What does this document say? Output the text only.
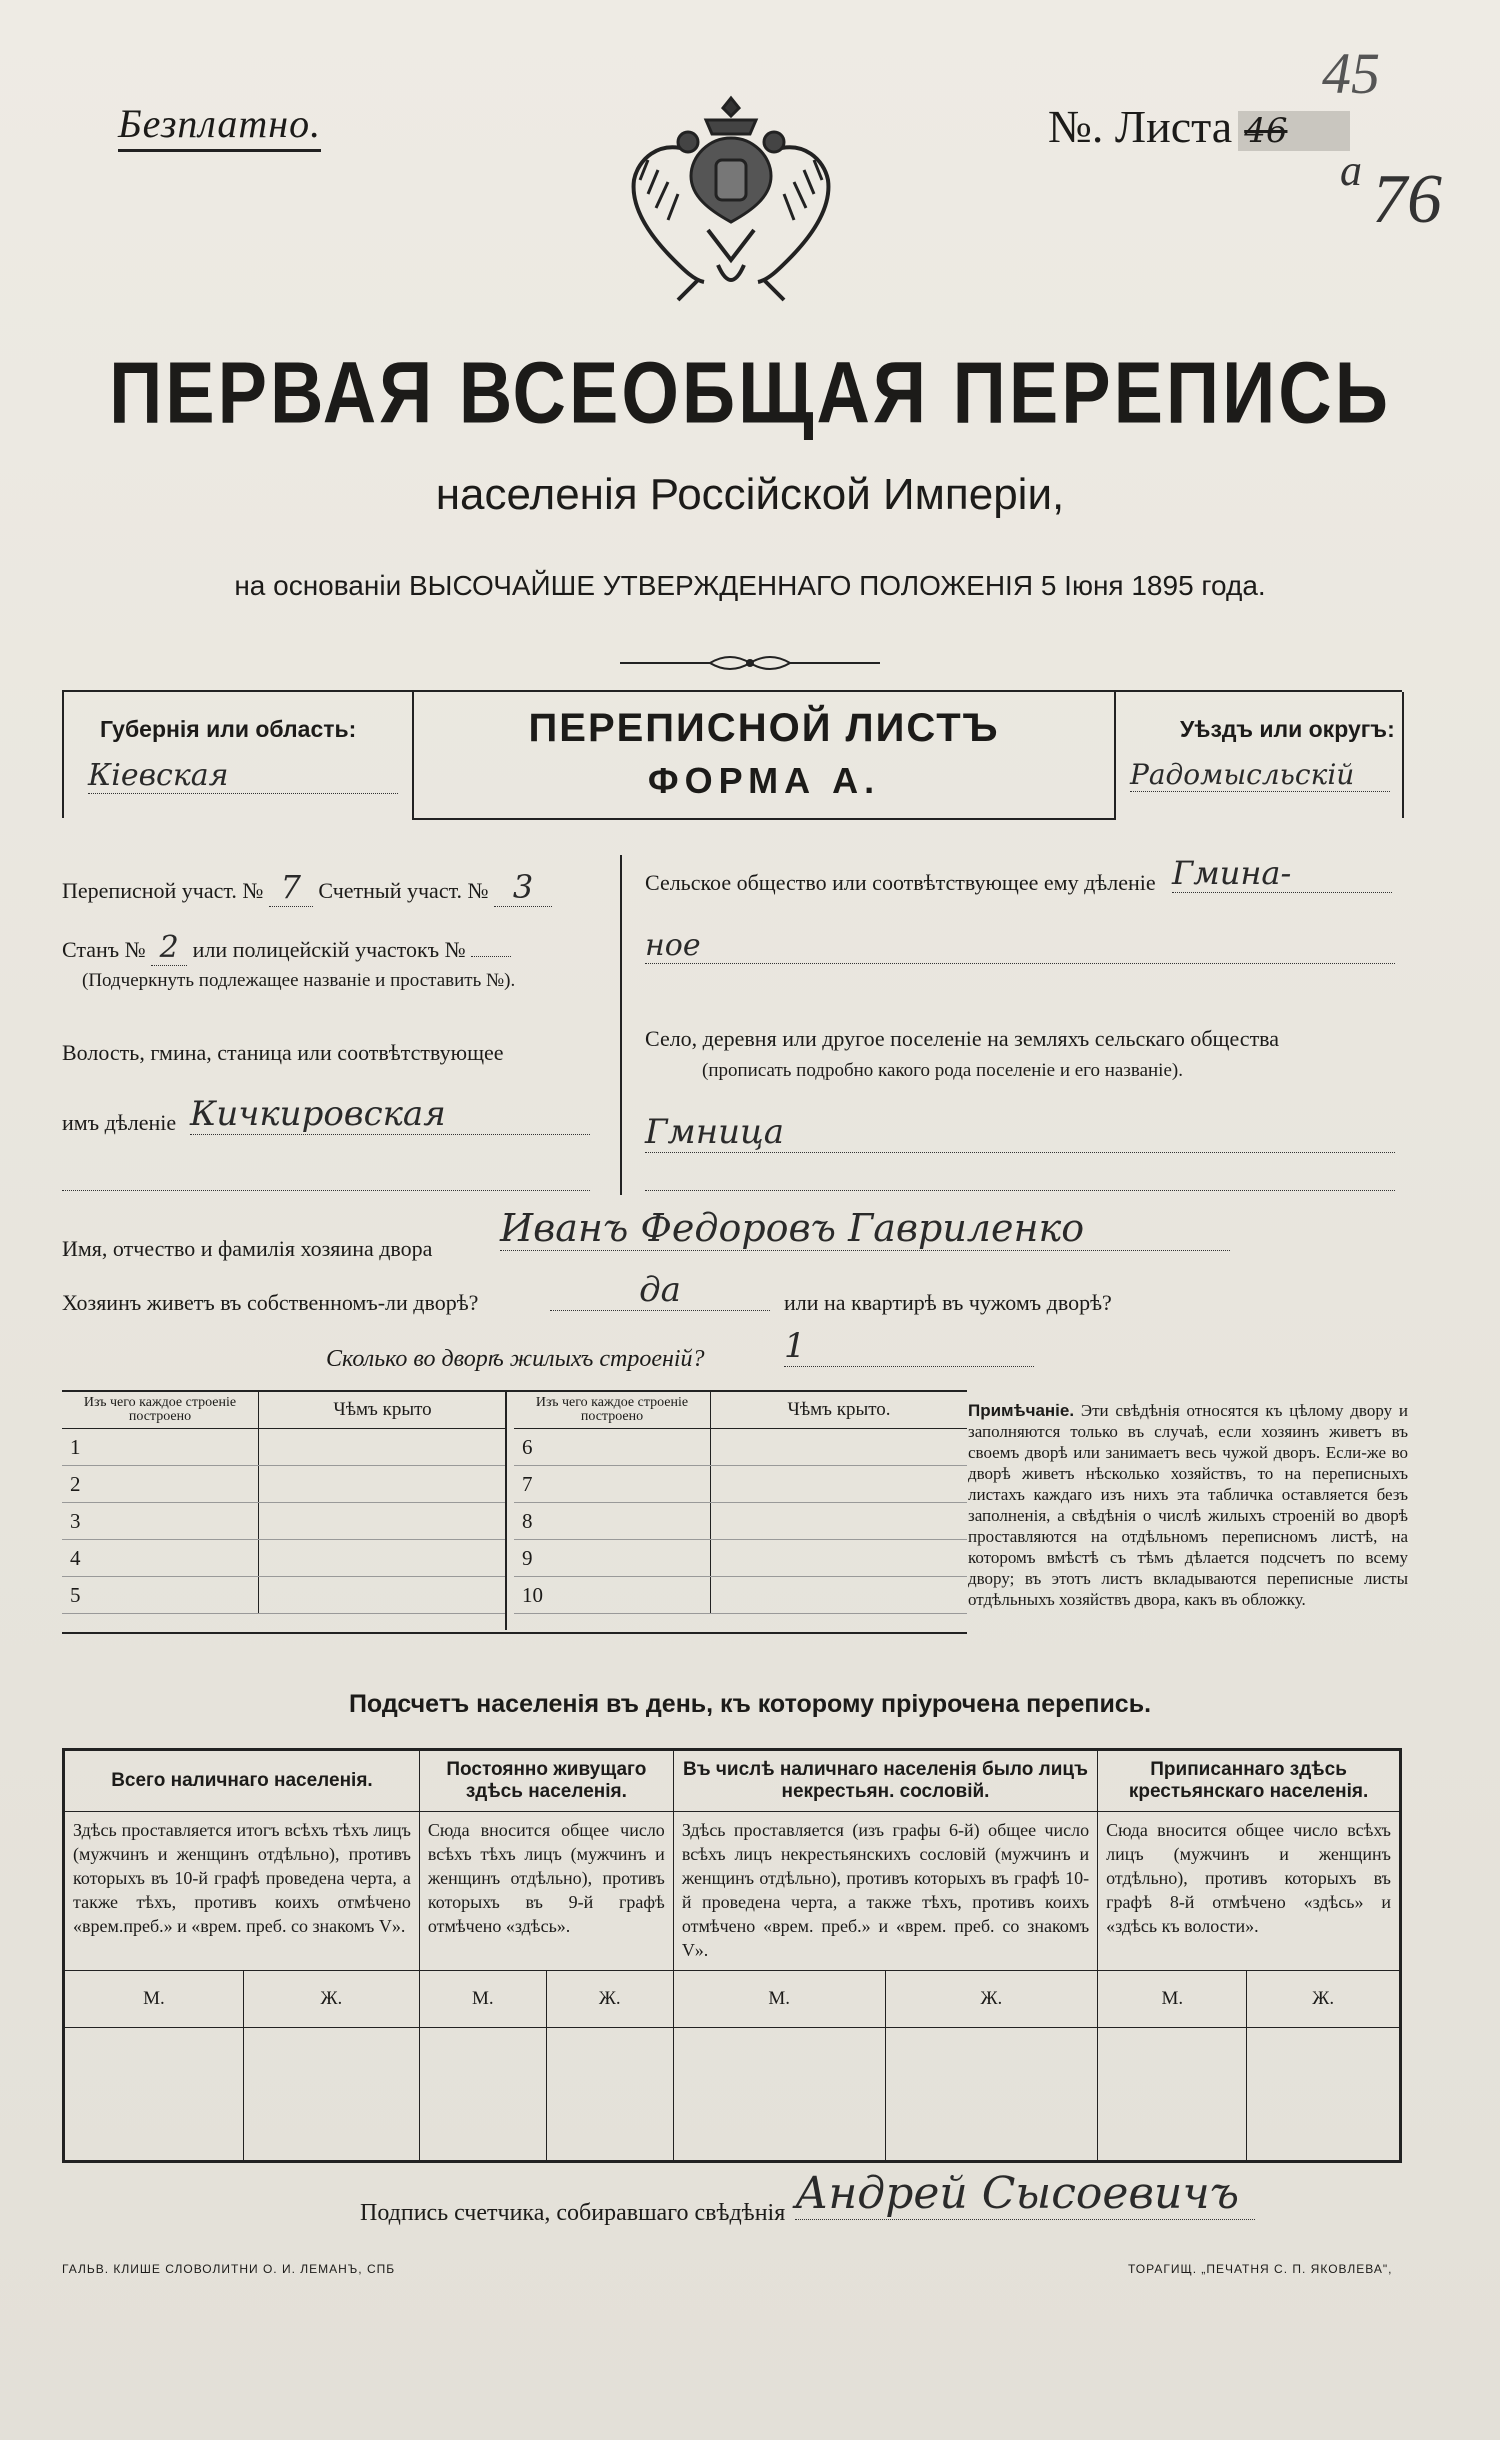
Безплатно.	№. Листа 46
45
а 76
ПЕРВАЯ ВСЕОБЩАЯ ПЕРЕПИСЬ
населенія Россійской Имперіи,
на основаніи ВЫСОЧАЙШЕ УТВЕРЖДЕННАГО ПОЛОЖЕНІЯ 5 Іюня 1895 года.
Губернія или область:
Кіевская
ПЕРЕПИСНОЙ ЛИСТЪ
ФОРМА А.
Уѣздъ или округъ:
Радомысльскій
Переписной участ. № 7 Счетный участ. № 3
Станъ № 2 или полицейскій участокъ №
(Подчеркнуть подлежащее названіе и проставить №).
Волость, гмина, станица или соотвѣтствующее
имъ дѣленіе Кичкировская
Сельское общество или соотвѣтствующее ему дѣленіе Гмина-
ное
Село, деревня или другое поселеніе на земляхъ сельскаго общества
(прописать подробно какого рода поселеніе и его названіе).
Гмница
Имя, отчество и фамилія хозяина двора Иванъ Федоровъ Гавриленко
Хозяинъ живетъ въ собственномъ-ли дворѣ?	да	или на квартирѣ въ чужомъ дворѣ?
Сколько во дворѣ жилыхъ строеній? 1
Изъ чего каждое строеніе построено	Чѣмъ крыто
1	
2	
3	
4	
5	
Изъ чего каждое строеніе построено	Чѣмъ крыто.
6	
7	
8	
9	
10	
Примѣчаніе. Эти свѣдѣнія относятся къ цѣлому двору и заполняются только въ случаѣ, если хозяинъ живетъ въ своемъ дворѣ или занимаетъ весь чужой дворъ. Если-же во дворѣ живетъ нѣсколько хозяйствъ, то на переписныхъ листахъ каждаго изъ нихъ эта табличка оставляется безъ заполненія, а свѣдѣнія о числѣ жилыхъ строеній во дворѣ проставляются на отдѣльномъ переписномъ листѣ, на которомъ вмѣстѣ съ тѣмъ дѣлается подсчетъ по всему двору; въ этотъ листъ вкладываются переписные листы отдѣльныхъ хозяйствъ двора, какъ въ обложку.
Подсчетъ населенія въ день, къ которому пріурочена перепись.
Всего наличнаго населенія.		Постоянно живущаго здѣсь населенія.		Въ числѣ наличнаго населенія было лицъ некрестьян. сословій.		Приписаннаго здѣсь крестьянскаго населенія.	
Здѣсь проставляется итогъ всѣхъ тѣхъ лицъ (мужчинъ и женщинъ отдѣльно), противъ которыхъ въ 10-й графѣ проведена черта, а также тѣхъ, противъ коихъ отмѣчено «врем.преб.» и «врем. преб. со знакомъ V».		Сюда вносится общее число всѣхъ тѣхъ лицъ (мужчинъ и женщинъ отдѣльно), противъ которыхъ въ 9-й графѣ отмѣчено «здѣсь».		Здѣсь проставляется (изъ графы 6-й) общее число всѣхъ лицъ некрестьянскихъ сословій (мужчинъ и женщинъ отдѣльно), противъ которыхъ въ графѣ 10-й проведена черта, а также тѣхъ, противъ коихъ отмѣчено «врем. преб.» и «врем. преб. со знакомъ V».		Сюда вносится общее число всѣхъ лицъ (мужчинъ и женщинъ отдѣльно), противъ которыхъ въ графѣ 8-й отмѣчено «здѣсь» и «здѣсь къ волости».	
М.	Ж.	М.	Ж.	М.	Ж.	М.	Ж.

Подпись счетчика, собиравшаго свѣдѣнія Андрей Сысоевичъ
ГАЛЬВ. КЛИШЕ СЛОВОЛИТНИ О. И. ЛЕМАНЪ, СПБ	ТОРАГИЩ. „ПЕЧАТНЯ С. П. ЯКОВЛЕВА",
